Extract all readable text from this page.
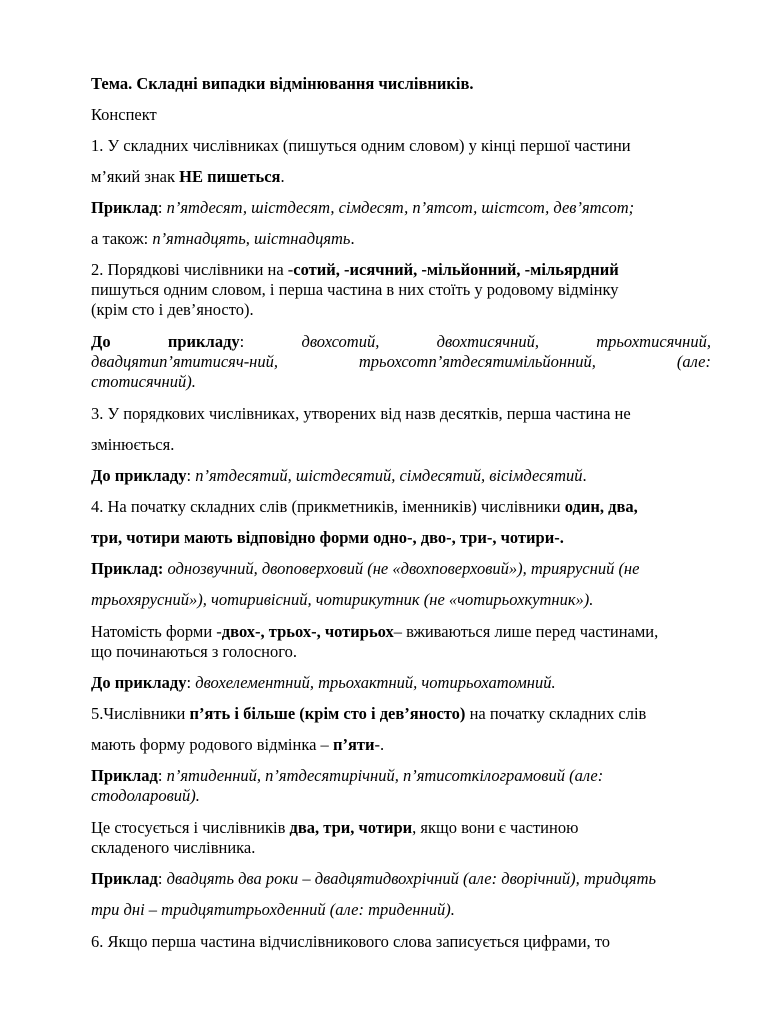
Тема. Складні випадки відмінювання числівників.
Конспект
1. У складних числівниках (пишуться одним словом) у кінці першої частини
м’який знак НЕ пишеться.
Приклад: п’ятдесят, шістдесят, сімдесят, п’ятсот, шістсот, дев’ятсот;
а також: п’ятнадцять, шістнадцять.
2. Порядкові числівники на -сотий, -исячний, -мільйонний, -мільярдний
пишуться одним словом, і перша частина в них стоїть у родовому відмінку
(крім сто і дев’яносто).
До	прикладу:	двохсотий,	двохтисячний,	трьохтисячний,
двадцятип’ятитисяч-ний,	трьохсотп’ятдесятимільйонний,	(але:
стотисячний).
3. У порядкових числівниках, утворених від назв десятків, перша частина не
змінюється.
До прикладу: п’ятдесятий, шістдесятий, сімдесятий, вісімдесятий.
4. На початку складних слів (прикметників, іменників) числівники один, два,
три, чотири мають відповідно форми одно-, дво-, три-, чотири-.
Приклад: однозвучний, двоповерховий (не «двохповерховий»), триярусний (не
трьохярусний»), чотиривісний, чотирикутник (не «чотирьохкутник»).
Натомість форми -двох-, трьох-, чотирьох– вживаються лише перед частинами,
що починаються з голосного.
До прикладу: двохелементний, трьохактний, чотирьохатомний.
5.Числівники п’ять і більше (крім сто і дев’яносто) на початку складних слів
мають форму родового відмінка – п’яти-.
Приклад: п’ятиденний, п’ятдесятирічний, п’ятисоткілограмовий (але:
стодоларовий).
Це стосується і числівників два, три, чотири, якщо вони є частиною
складеного числівника.
Приклад: двадцять два роки – двадцятидвохрічний (але: дворічний), тридцять
три дні – тридцятитрьохденний (але: триденний).
6. Якщо перша частина відчислівникового слова записується цифрами, то
